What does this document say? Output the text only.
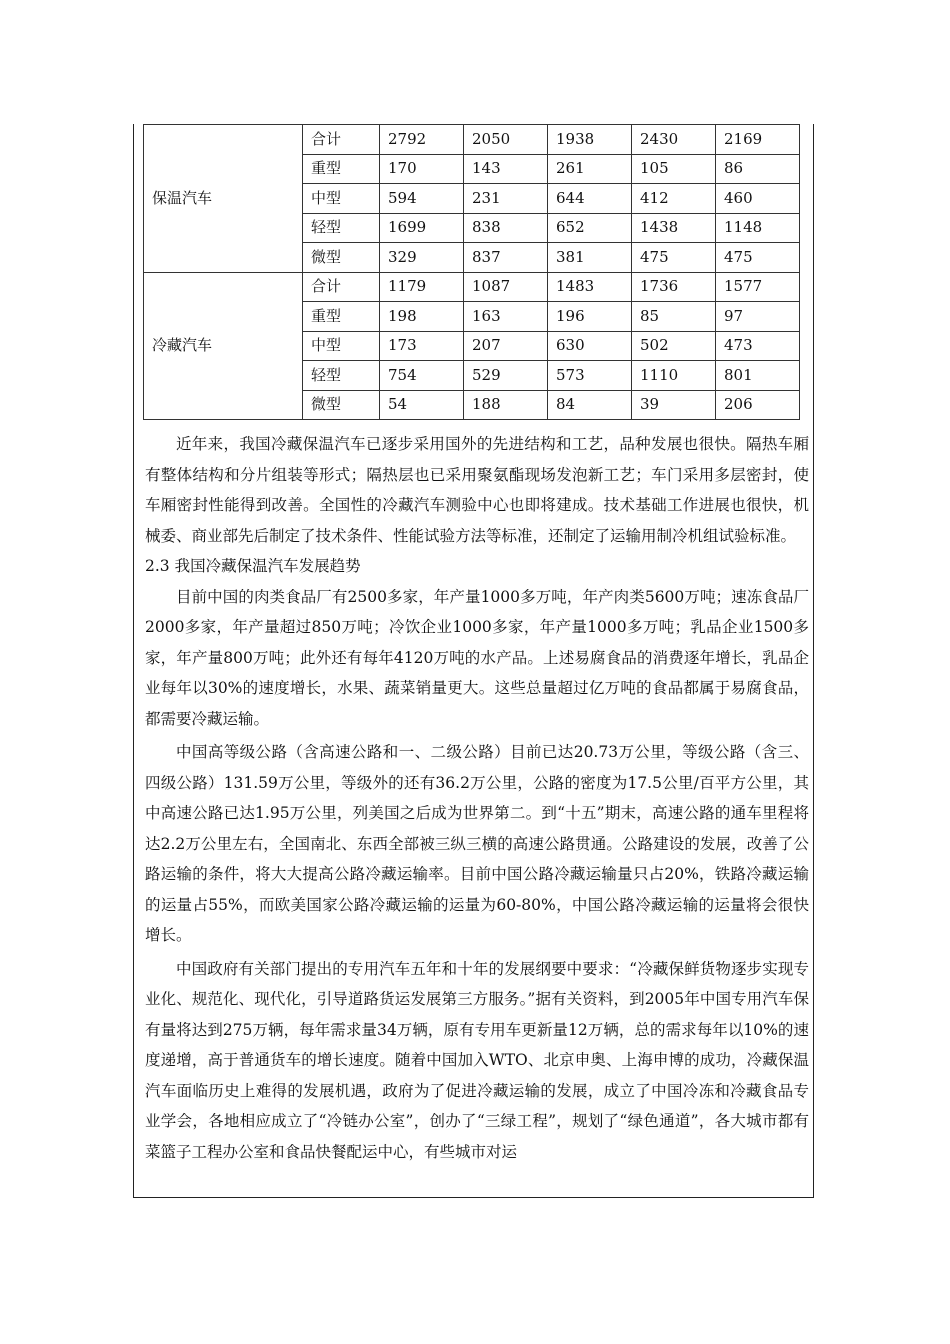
保温汽车	合计	2792	2050	1938	2430	2169
	重型	170	143	261	105	86
	中型	594	231	644	412	460
	轻型	1699	838	652	1438	1148
	微型	329	837	381	475	475
冷藏汽车	合计	1179	1087	1483	1736	1577
	重型	198	163	196	85	97
	中型	173	207	630	502	473
	轻型	754	529	573	1110	801
	微型	54	188	84	39	206

近年来，我国冷藏保温汽车已逐步采用国外的先进结构和工艺，品种发展也很快。隔热车厢有整体结构和分片组装等形式；隔热层也已采用聚氨酯现场发泡新工艺；车门采用多层密封，使车厢密封性能得到改善。全国性的冷藏汽车测验中心也即将建成。技术基础工作进展也很快，机械委、商业部先后制定了技术条件、性能试验方法等标准，还制定了运输用制冷机组试验标准。

2.3 我国冷藏保温汽车发展趋势

目前中国的肉类食品厂有2500多家，年产量1000多万吨，年产肉类5600万吨；速冻食品厂2000多家，年产量超过850万吨；冷饮企业1000多家，年产量1000多万吨；乳品企业1500多家，年产量800万吨；此外还有每年4120万吨的水产品。上述易腐食品的消费逐年增长，乳品企业每年以30%的速度增长，水果、蔬菜销量更大。这些总量超过亿万吨的食品都属于易腐食品，都需要冷藏运输。

中国高等级公路（含高速公路和一、二级公路）目前已达20.73万公里，等级公路（含三、四级公路）131.59万公里，等级外的还有36.2万公里，公路的密度为17.5公里/百平方公里，其中高速公路已达1.95万公里，列美国之后成为世界第二。到“十五”期末，高速公路的通车里程将达2.2万公里左右，全国南北、东西全部被三纵三横的高速公路贯通。公路建设的发展，改善了公路运输的条件，将大大提高公路冷藏运输率。目前中国公路冷藏运输量只占20%，铁路冷藏运输的运量占55%，而欧美国家公路冷藏运输的运量为60-80%，中国公路冷藏运输的运量将会很快增长。

中国政府有关部门提出的专用汽车五年和十年的发展纲要中要求：“冷藏保鲜货物逐步实现专业化、规范化、现代化，引导道路货运发展第三方服务。”据有关资料，到2005年中国专用汽车保有量将达到275万辆，每年需求量34万辆，原有专用车更新量12万辆，总的需求每年以10%的速度递增，高于普通货车的增长速度。随着中国加入WTO、北京申奥、上海申博的成功，冷藏保温汽车面临历史上难得的发展机遇，政府为了促进冷藏运输的发展，成立了中国冷冻和冷藏食品专业学会，各地相应成立了“冷链办公室”，创办了“三绿工程”，规划了“绿色通道”，各大城市都有菜篮子工程办公室和食品快餐配运中心，有些城市对运
